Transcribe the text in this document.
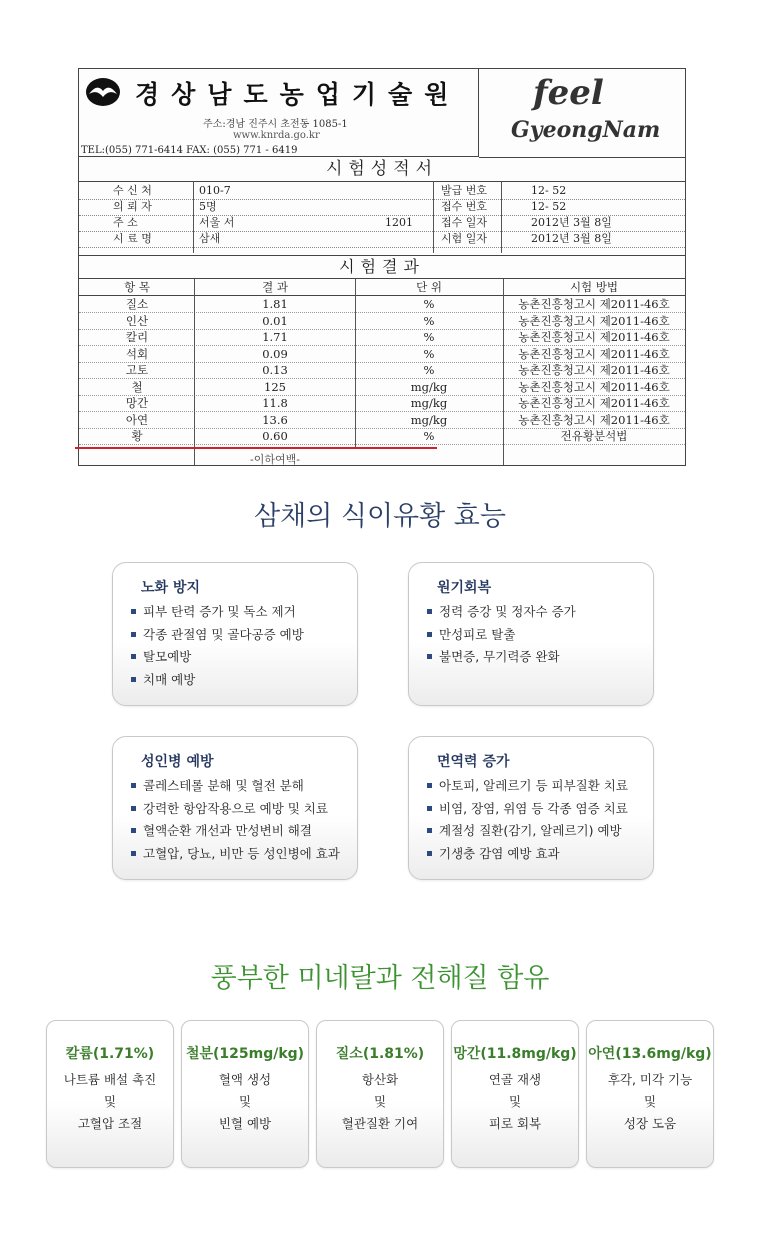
경상남도농업기술원
주소:경남 진주시 초전동 1085-1
www.knrda.go.kr
TEL:(055) 771-6414 FAX: (055) 771 - 6419
feel
GyeongNam
시험성적서
수 신 처	010-7	발급 번호	12- 52
의 뢰 자	5명	접수 번호	12- 52
주 소	서울 서	1201	접수 일자	2012년 3월 8일
시 료 명	삼새	시험 일자	2012년 3월 8일
시험결과
항 목	결 과	단 위	시험 방법
질소	1.81	%	농촌진흥청고시 제2011-46호
인산	0.01	%	농촌진흥청고시 제2011-46호
칼리	1.71	%	농촌진흥청고시 제2011-46호
석회	0.09	%	농촌진흥청고시 제2011-46호
고토	0.13	%	농촌진흥청고시 제2011-46호
철	125	mg/kg	농촌진흥청고시 제2011-46호
망간	11.8	mg/kg	농촌진흥청고시 제2011-46호
아연	13.6	mg/kg	농촌진흥청고시 제2011-46호
황	0.60	%	전유황분석법
-이하여백-
삼채의 식이유황 효능
노화 방지
피부 탄력 증가 및 독소 제거
각종 관절염 및 골다공증 예방
탈모예방
치매 예방
원기회복
정력 증강 및 정자수 증가
만성피로 탈출
불면증, 무기력증 완화
성인병 예방
콜레스테롤 분해 및 혈전 분해
강력한 항암작용으로 예방 및 치료
혈액순환 개선과 만성변비 해결
고혈압, 당뇨, 비만 등 성인병에 효과
면역력 증가
아토피, 알레르기 등 피부질환 치료
비염, 장염, 위염 등 각종 염증 치료
계절성 질환(감기, 알레르기) 예방
기생충 감염 예방 효과
풍부한 미네랄과 전해질 함유
칼륨(1.71%)
나트륨 배설 촉진
및
고혈압 조절
철분(125mg/kg)
혈액 생성
및
빈혈 예방
질소(1.81%)
항산화
및
혈관질환 기여
망간(11.8mg/kg)
연골 재생
및
피로 회복
아연(13.6mg/kg)
후각, 미각 기능
및
성장 도움
